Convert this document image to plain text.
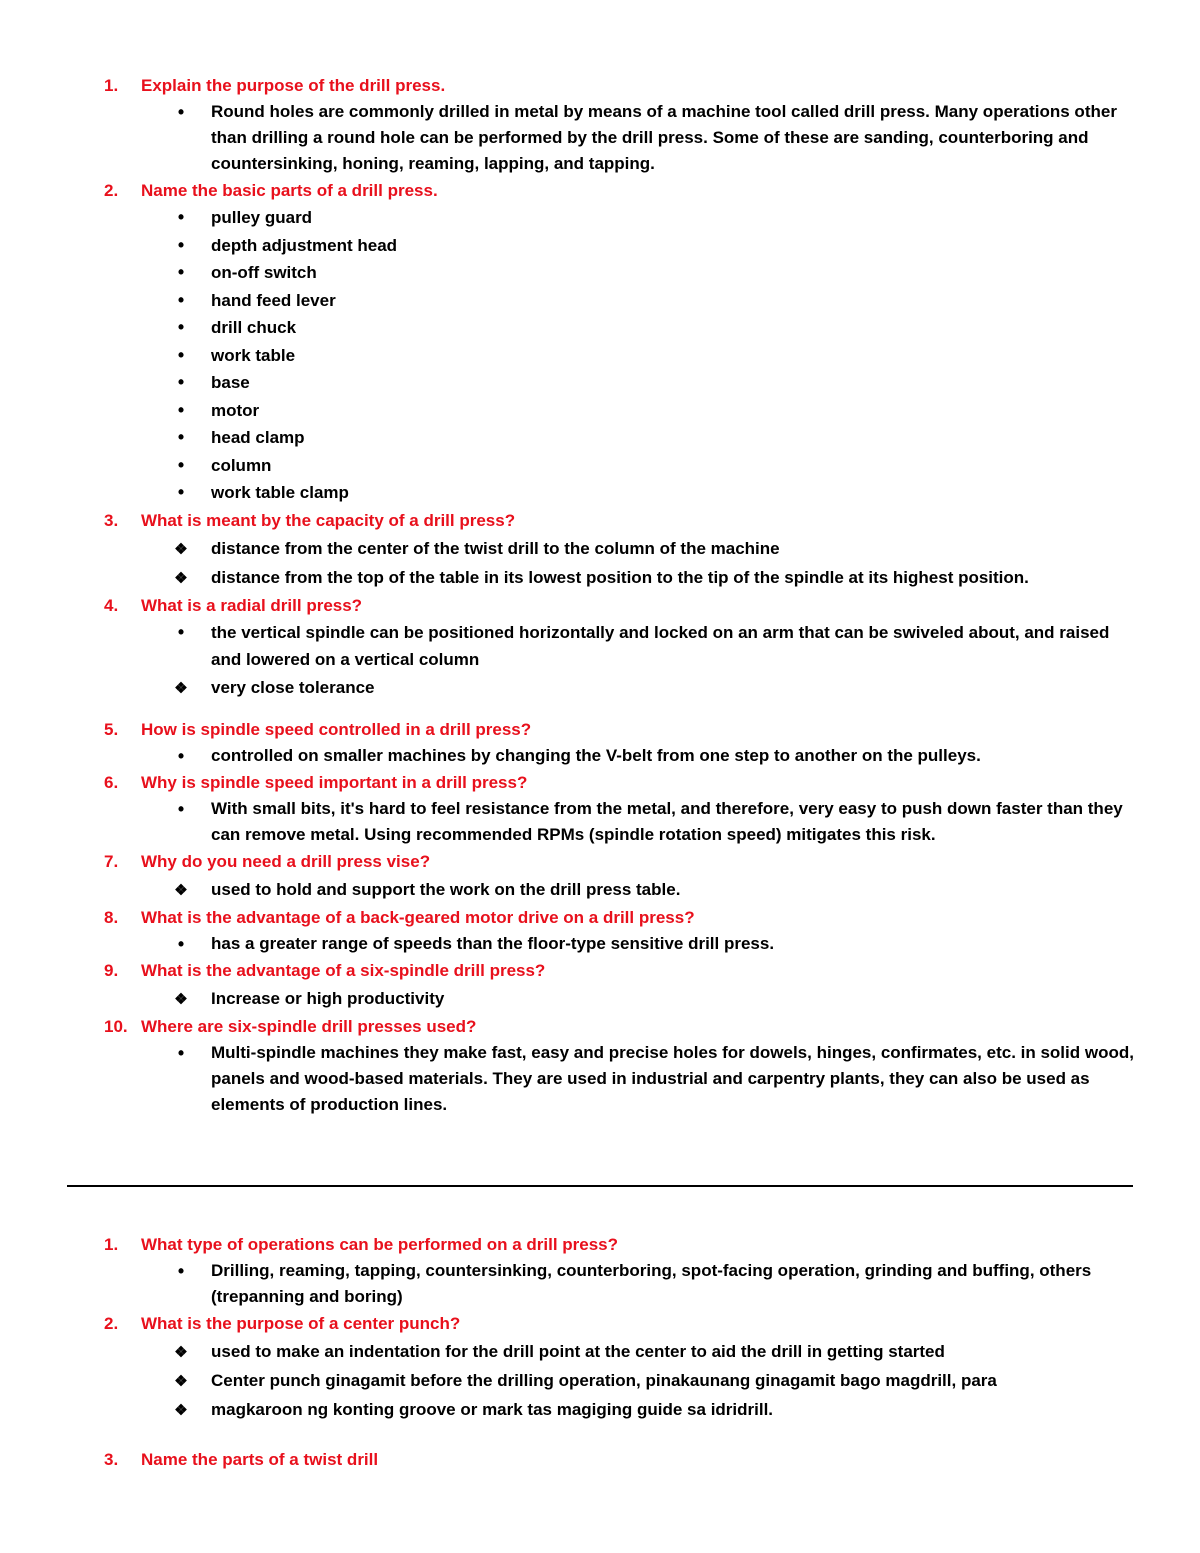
1. Explain the purpose of the drill press.
•
Round holes are commonly drilled in metal by means of a machine tool called drill press. Many operations other than drilling a round hole can be performed by the drill press. Some of these are sanding, counterboring and countersinking, honing, reaming, lapping, and tapping.
2. Name the basic parts of a drill press.
•
pulley guard
•
depth adjustment head
•
on-off switch
•
hand feed lever
•
drill chuck
•
work table
•
base
•
motor
•
head clamp
•
column
•
work table clamp
3. What is meant by the capacity of a drill press?
❖
distance from the center of the twist drill to the column of the machine
❖
distance from the top of the table in its lowest position to the tip of the spindle at its highest position.
4. What is a radial drill press?
•
the vertical spindle can be positioned horizontally and locked on an arm that can be swiveled about, and raised and lowered on a vertical column
❖
very close tolerance
5. How is spindle speed controlled in a drill press?
•
controlled on smaller machines by changing the V-belt from one step to another on the pulleys.
6. Why is spindle speed important in a drill press?
•
With small bits, it's hard to feel resistance from the metal, and therefore, very easy to push down faster than they can remove metal. Using recommended RPMs (spindle rotation speed) mitigates this risk.
7. Why do you need a drill press vise?
❖
used to hold and support the work on the drill press table.
8. What is the advantage of a back-geared motor drive on a drill press?
•
has a greater range of speeds than the floor-type sensitive drill press.
9. What is the advantage of a six-spindle drill press?
❖
Increase or high productivity
10. Where are six-spindle drill presses used?
•
Multi-spindle machines they make fast, easy and precise holes for dowels, hinges, confirmates, etc. in solid wood, panels and wood-based materials. They are used in industrial and carpentry plants, they can also be used as elements of production lines.
1. What type of operations can be performed on a drill press?
•
Drilling, reaming, tapping, countersinking, counterboring, spot-facing operation, grinding and buffing, others (trepanning and boring)
2. What is the purpose of a center punch?
❖
used to make an indentation for the drill point at the center to aid the drill in getting started
❖
Center punch ginagamit before the drilling operation, pinakaunang ginagamit bago magdrill, para
❖
magkaroon ng konting groove or mark tas magiging guide sa idridrill.
3. Name the parts of a twist drill
